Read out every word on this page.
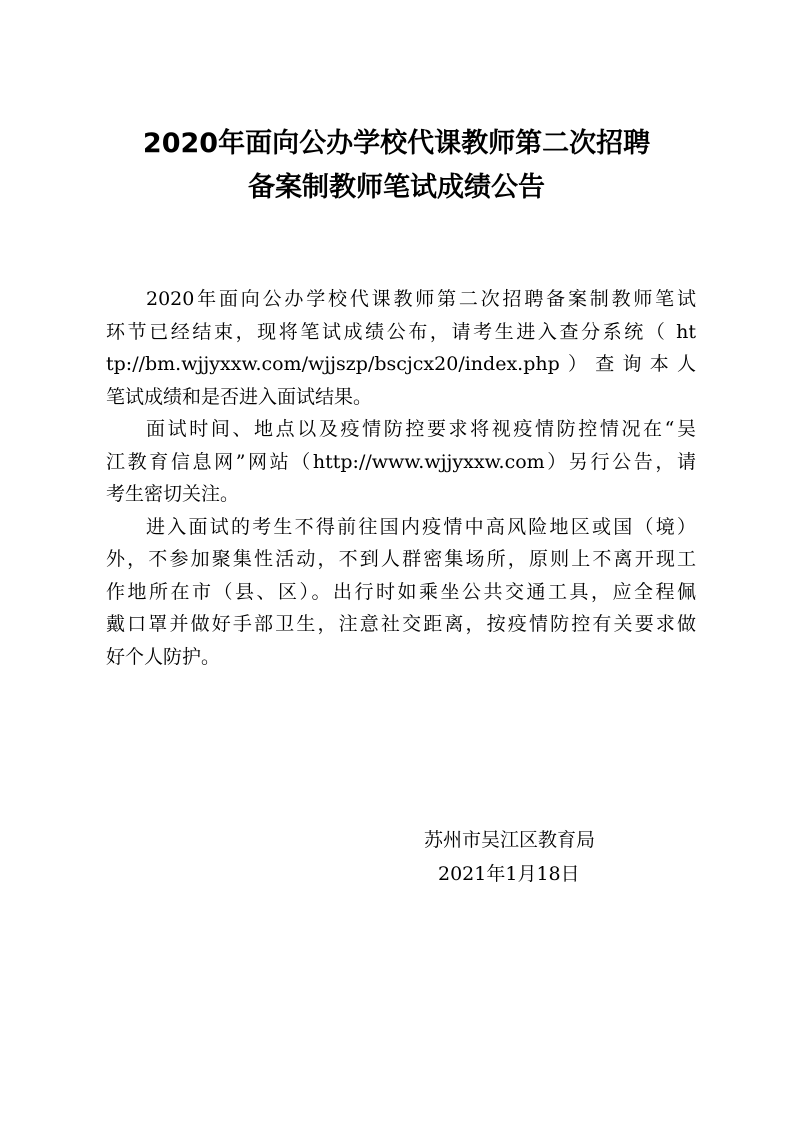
2020年面向公办学校代课教师第二次招聘
备案制教师笔试成绩公告

2020年面向公办学校代课教师第二次招聘备案制教师笔试
环节已经结束，现将笔试成绩公布，请考生进入查分系统（ ht
tp://bm.wjjyxxw.com/wjjszp/bscjcx20/index.php）查询本人
笔试成绩和是否进入面试结果。

面试时间、地点以及疫情防控要求将视疫情防控情况在“吴
江教育信息网”网站（http://www.wjjyxxw.com）另行公告，请
考生密切关注。

进入面试的考生不得前往国内疫情中高风险地区或国（境）
外，不参加聚集性活动，不到人群密集场所，原则上不离开现工
作地所在市（县、区）。出行时如乘坐公共交通工具，应全程佩
戴口罩并做好手部卫生，注意社交距离，按疫情防控有关要求做
好个人防护。

苏州市吴江区教育局
2021年1月18日
